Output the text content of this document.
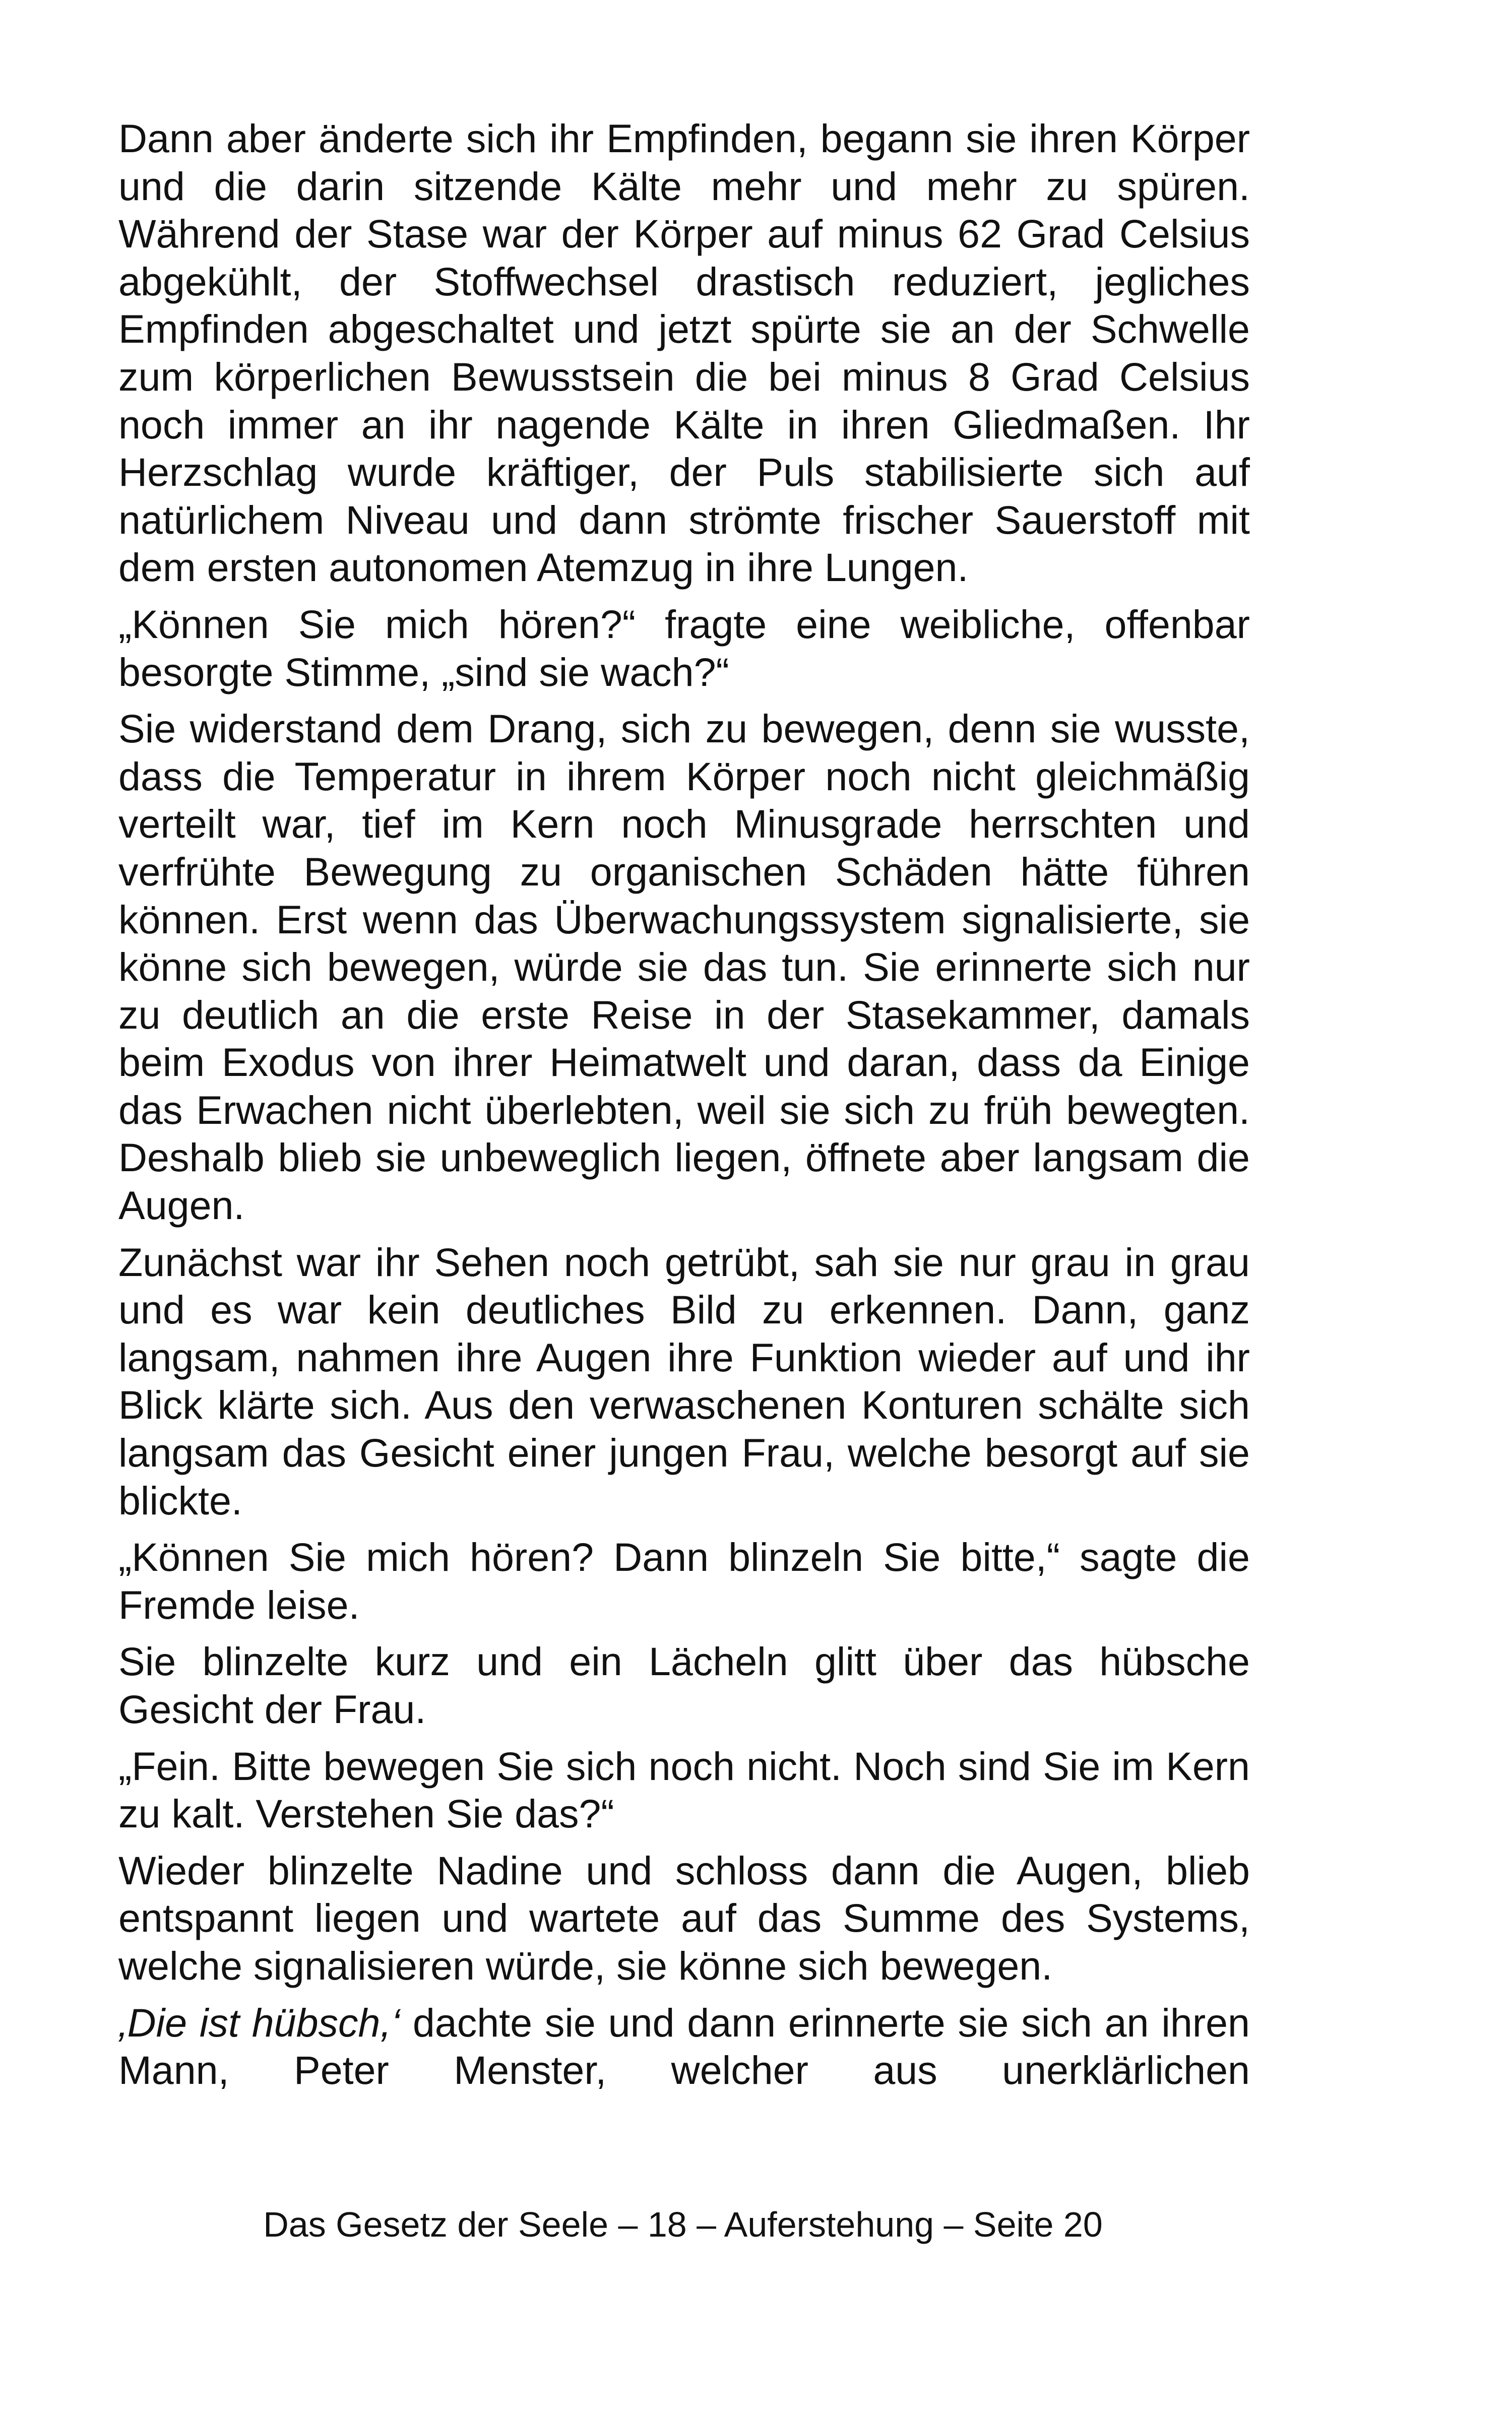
Dann aber änderte sich ihr Empfinden, begann sie ihren Körper und die darin sitzende Kälte mehr und mehr zu spüren. Während der Stase war der Körper auf minus 62 Grad Celsius abgekühlt, der Stoffwechsel drastisch reduziert, jegliches Empfinden abgeschaltet und jetzt spürte sie an der Schwelle zum körperlichen Bewusstsein die bei minus 8 Grad Celsius noch immer an ihr nagende Kälte in ihren Gliedmaßen. Ihr Herzschlag wurde kräftiger, der Puls stabilisierte sich auf natürlichem Niveau und dann strömte frischer Sauerstoff mit dem ersten autonomen Atemzug in ihre Lungen.

„Können Sie mich hören?“ fragte eine weibliche, offenbar besorgte Stimme, „sind sie wach?“

Sie widerstand dem Drang, sich zu bewegen, denn sie wusste, dass die Temperatur in ihrem Körper noch nicht gleichmäßig verteilt war, tief im Kern noch Minusgrade herrschten und verfrühte Bewegung zu organischen Schäden hätte führen können. Erst wenn das Überwachungssystem signalisierte, sie könne sich bewegen, würde sie das tun. Sie erinnerte sich nur zu deutlich an die erste Reise in der Stasekammer, damals beim Exodus von ihrer Heimatwelt und daran, dass da Einige das Erwachen nicht überlebten, weil sie sich zu früh bewegten. Deshalb blieb sie unbeweglich liegen, öffnete aber langsam die Augen.

Zunächst war ihr Sehen noch getrübt, sah sie nur grau in grau und es war kein deutliches Bild zu erkennen. Dann, ganz langsam, nahmen ihre Augen ihre Funktion wieder auf und ihr Blick klärte sich. Aus den verwaschenen Konturen schälte sich langsam das Gesicht einer jungen Frau, welche besorgt auf sie blickte.

„Können Sie mich hören? Dann blinzeln Sie bitte,“ sagte die Fremde leise.

Sie blinzelte kurz und ein Lächeln glitt über das hübsche Gesicht der Frau.

„Fein. Bitte bewegen Sie sich noch nicht. Noch sind Sie im Kern zu kalt. Verstehen Sie das?“

Wieder blinzelte Nadine und schloss dann die Augen, blieb entspannt liegen und wartete auf das Summe des Systems, welche signalisieren würde, sie könne sich bewegen.

‚Die ist hübsch,‘ dachte sie und dann erinnerte sie sich an ihren Mann, Peter Menster, welcher aus unerklärlichen

Das Gesetz der Seele – 18 – Auferstehung – Seite 20
